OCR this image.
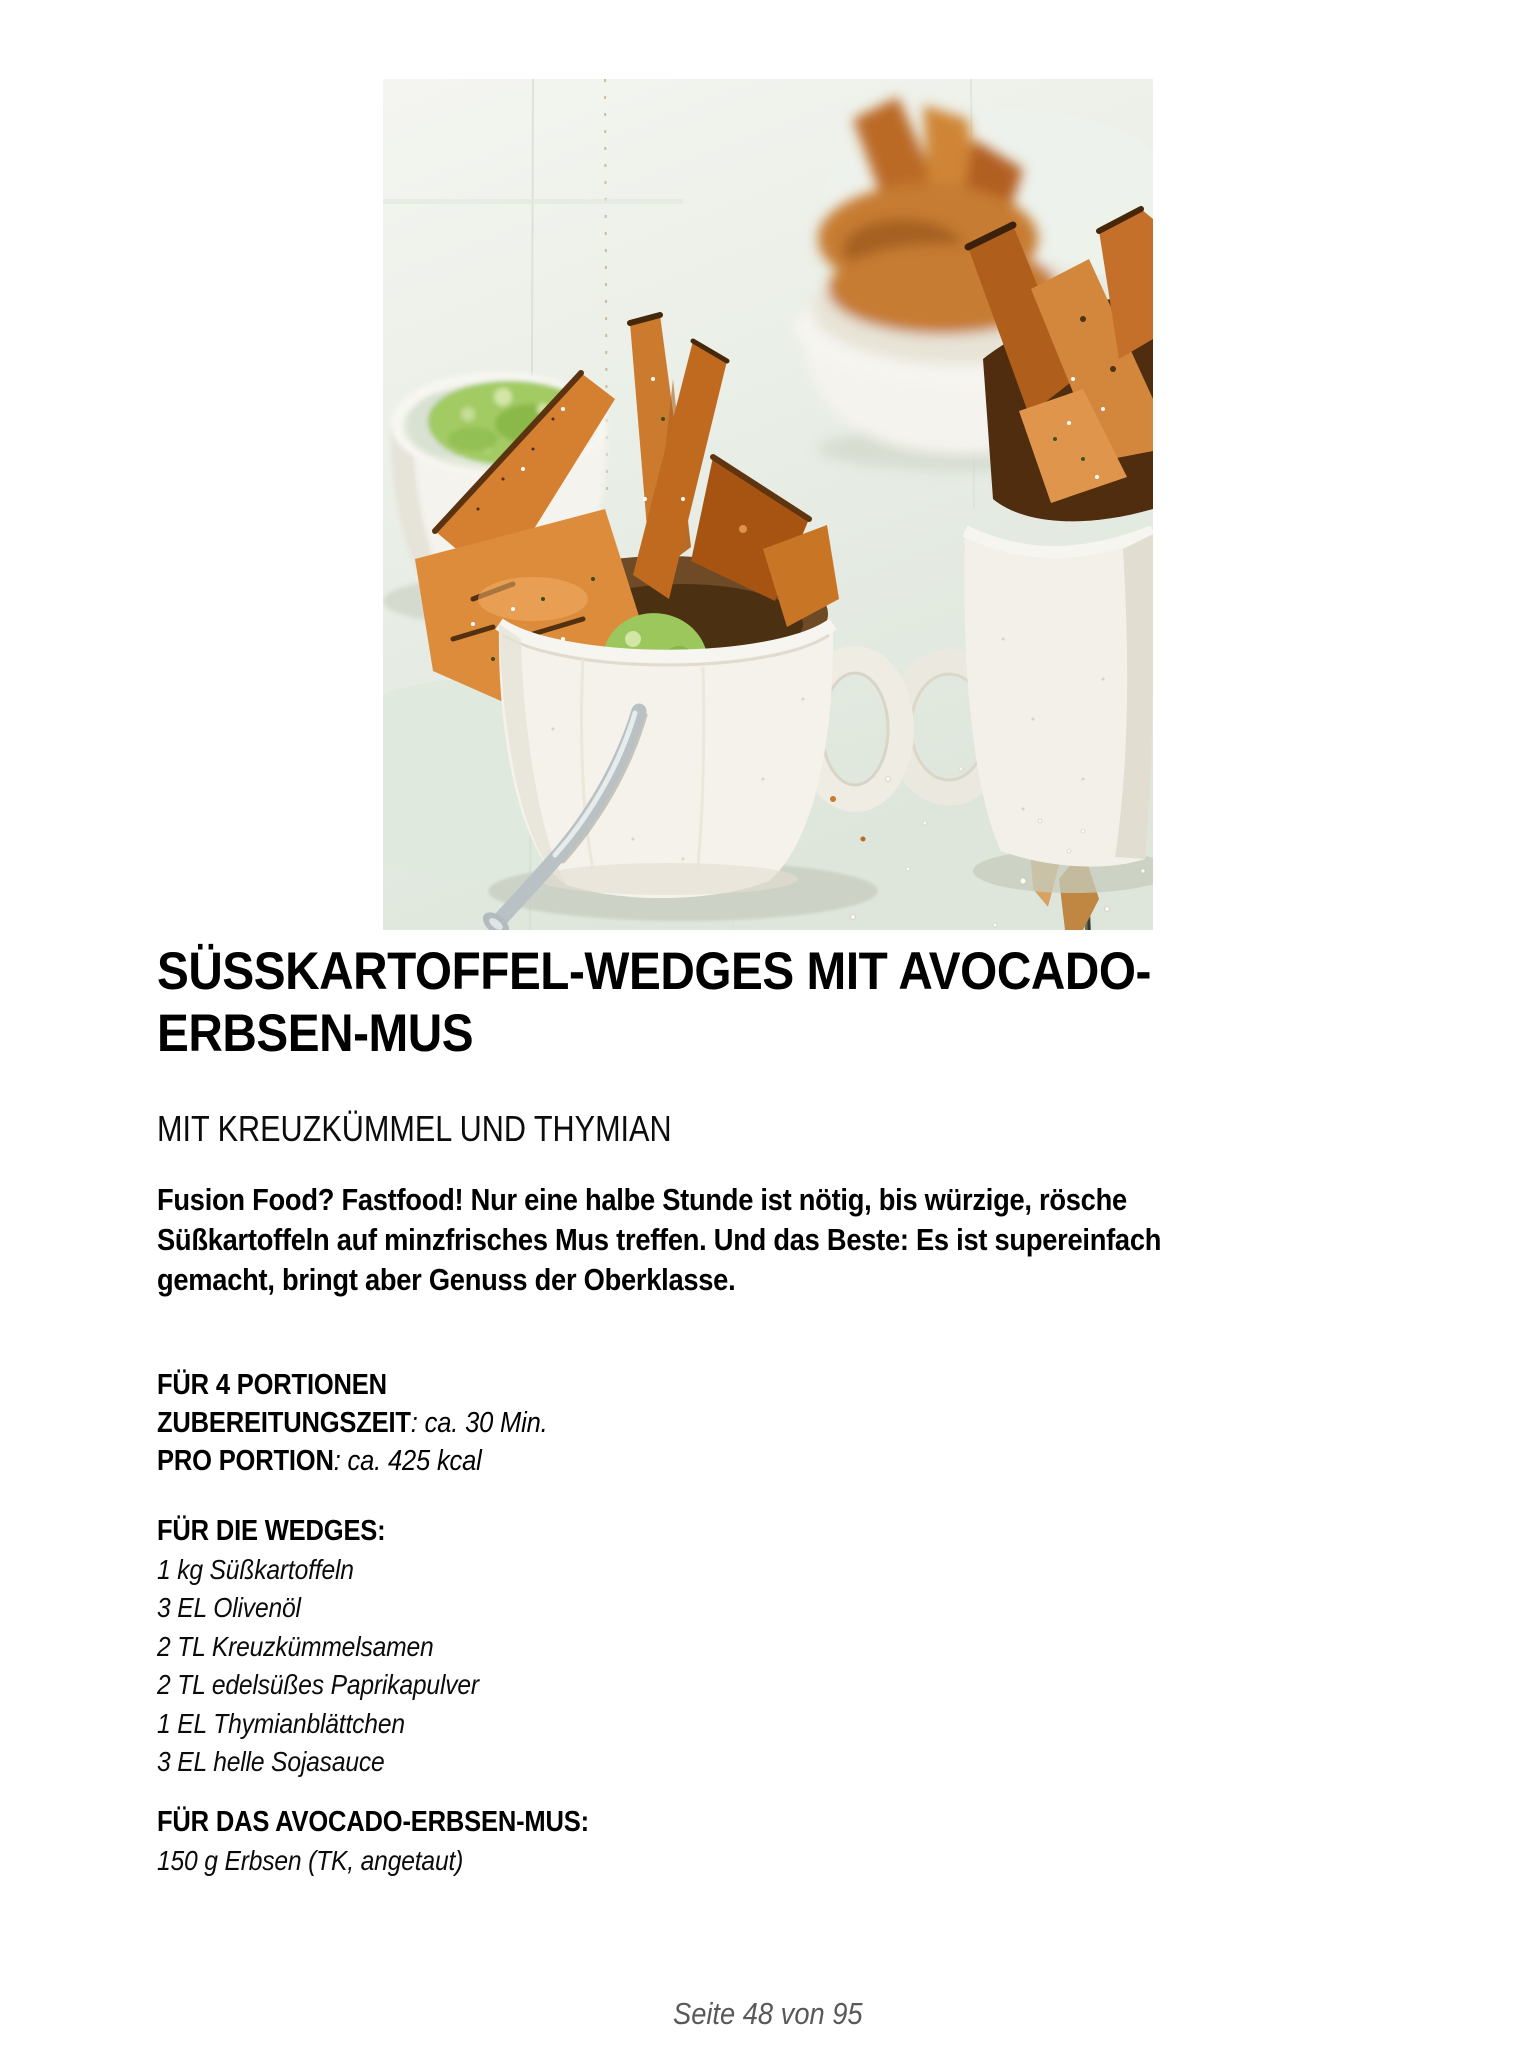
SÜSSKARTOFFEL-WEDGES MIT AVOCADO-
ERBSEN-MUS
MIT KREUZKÜMMEL UND THYMIAN
Fusion Food? Fastfood! Nur eine halbe Stunde ist nötig, bis würzige, rösche
Süßkartoffeln auf minzfrisches Mus treffen. Und das Beste: Es ist supereinfach
gemacht, bringt aber Genuss der Oberklasse.
FÜR 4 PORTIONEN
ZUBEREITUNGSZEIT: ca. 30 Min.
PRO PORTION: ca. 425 kcal
FÜR DIE WEDGES:
1 kg Süßkartoffeln
3 EL Olivenöl
2 TL Kreuzkümmelsamen
2 TL edelsüßes Paprikapulver
1 EL Thymianblättchen
3 EL helle Sojasauce
FÜR DAS AVOCADO-ERBSEN-MUS:
150 g Erbsen (TK, angetaut)
Seite 48 von 95
